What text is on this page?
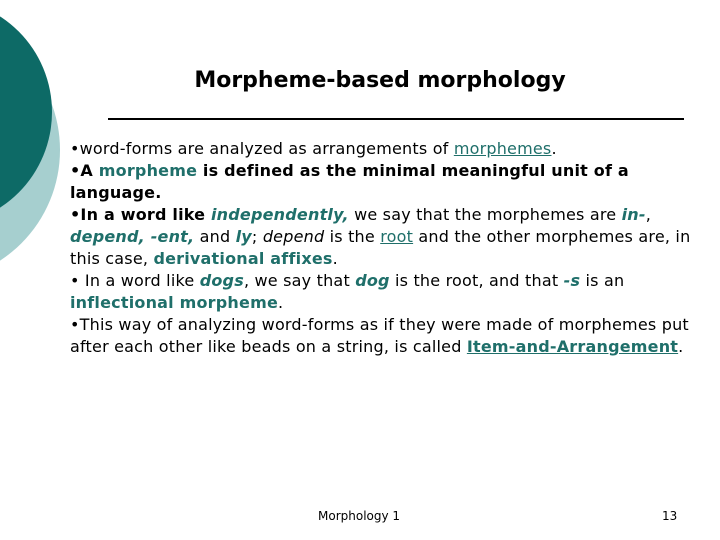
Morpheme-based morphology

•word-forms are analyzed as arrangements of morphemes.

•A morpheme is defined as the minimal meaningful unit of a language.

•In a word like independently, we say that the morphemes are in-, depend, -ent, and ly; depend is the root and the other morphemes are, in this case, derivational affixes.

• In a word like dogs, we say that dog is the root, and that -s is an inflectional morpheme.

•This way of analyzing word-forms as if they were made of morphemes put after each other like beads on a string, is called Item-and-Arrangement.

Morphology 1	13
